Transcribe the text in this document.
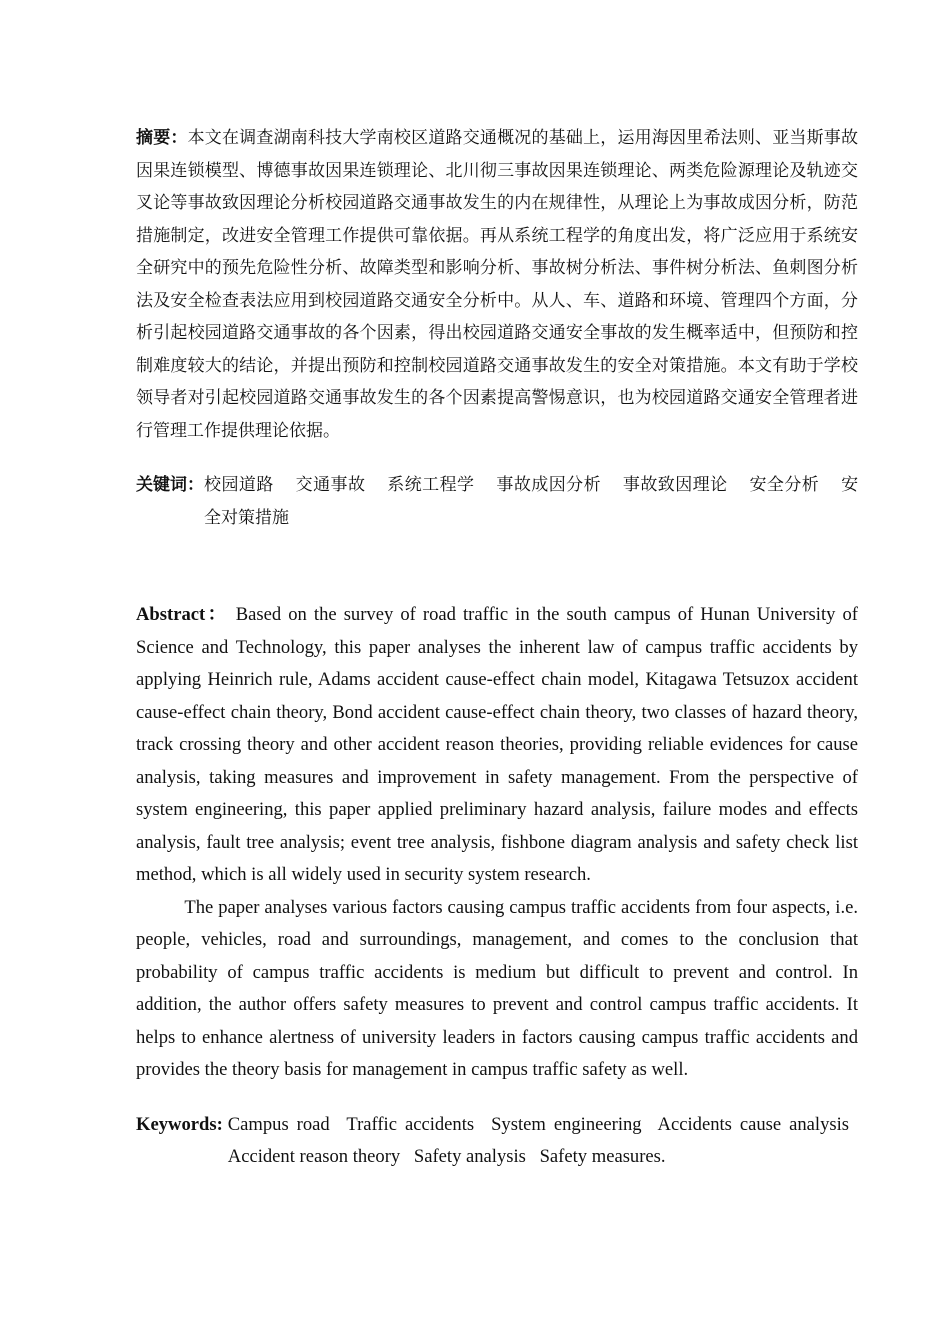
摘要：本文在调查湖南科技大学南校区道路交通概况的基础上，运用海因里希法则、亚当斯事故因果连锁模型、博德事故因果连锁理论、北川彻三事故因果连锁理论、两类危险源理论及轨迹交叉论等事故致因理论分析校园道路交通事故发生的内在规律性，从理论上为事故成因分析，防范措施制定，改进安全管理工作提供可靠依据。再从系统工程学的角度出发，将广泛应用于系统安全研究中的预先危险性分析、故障类型和影响分析、事故树分析法、事件树分析法、鱼刺图分析法及安全检查表法应用到校园道路交通安全分析中。从人、车、道路和环境、管理四个方面，分析引起校园道路交通事故的各个因素，得出校园道路交通安全事故的发生概率适中，但预防和控制难度较大的结论，并提出预防和控制校园道路交通事故发生的安全对策措施。本文有助于学校领导者对引起校园道路交通事故发生的各个因素提高警惕意识，也为校园道路交通安全管理者进行管理工作提供理论依据。

关键词： 校园道路 交通事故 系统工程学 事故成因分析 事故致因理论 安全分析 安全对策措施

Abstract： Based on the survey of road traffic in the south campus of Hunan University of Science and Technology, this paper analyses the inherent law of campus traffic accidents by applying Heinrich rule, Adams accident cause-effect chain model, Kitagawa Tetsuzox accident cause-effect chain theory, Bond accident cause-effect chain theory, two classes of hazard theory, track crossing theory and other accident reason theories, providing reliable evidences for cause analysis, taking measures and improvement in safety management. From the perspective of system engineering, this paper applied preliminary hazard analysis, failure modes and effects analysis, fault tree analysis; event tree analysis, fishbone diagram analysis and safety check list method, which is all widely used in security system research.

The paper analyses various factors causing campus traffic accidents from four aspects, i.e. people, vehicles, road and surroundings, management, and comes to the conclusion that probability of campus traffic accidents is medium but difficult to prevent and control. In addition, the author offers safety measures to prevent and control campus traffic accidents. It helps to enhance alertness of university leaders in factors causing campus traffic accidents and provides the theory basis for management in campus traffic safety as well.

Keywords: Campus road Traffic accidents System engineering Accidents cause analysis Accident reason theory Safety analysis Safety measures.
